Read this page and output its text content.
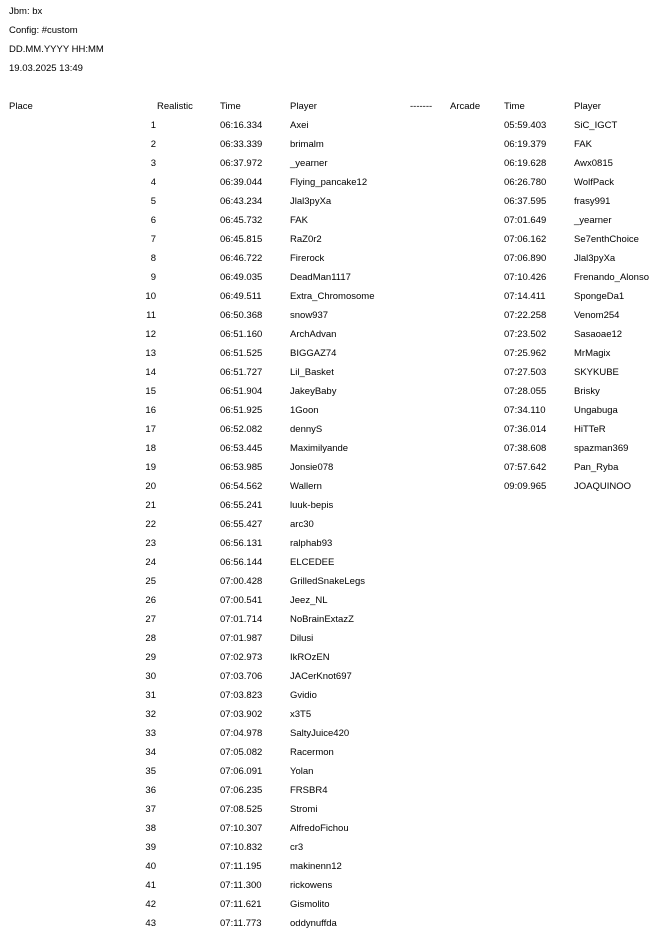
Jbm: bx
Config: #custom
DD.MM.YYYY HH:MM
19.03.2025 13:49
Place	Realistic	Time	Player	------- Arcade	Time	Player
1	06:16.334	Axei	05:59.403	SiC_IGCT
2	06:33.339	brimalm	06:19.379	FAK
3	06:37.972	_yearner	06:19.628	Awx0815
4	06:39.044	Flying_pancake12	06:26.780	WolfPack
5	06:43.234	Jlal3pyXa	06:37.595	frasy991
6	06:45.732	FAK	07:01.649	_yearner
7	06:45.815	RaZ0r2	07:06.162	Se7enthChoice
8	06:46.722	Firerock	07:06.890	Jlal3pyXa
9	06:49.035	DeadMan1117	07:10.426	Frenando_Alonso
10	06:49.511	Extra_Chromosome	07:14.411	SpongeDa1
11	06:50.368	snow937	07:22.258	Venom254
12	06:51.160	ArchAdvan	07:23.502	Sasaoae12
13	06:51.525	BIGGAZ74	07:25.962	MrMagix
14	06:51.727	Lil_Basket	07:27.503	SKYKUBE
15	06:51.904	JakeyBaby	07:28.055	Brisky
16	06:51.925	1Goon	07:34.110	Ungabuga
17	06:52.082	dennyS	07:36.014	HiTTeR
18	06:53.445	Maximilyande	07:38.608	spazman369
19	06:53.985	Jonsie078	07:57.642	Pan_Ryba
20	06:54.562	Wallern	09:09.965	JOAQUINOO
21	06:55.241	luuk-bepis
22	06:55.427	arc30
23	06:56.131	ralphab93
24	06:56.144	ELCEDEE
25	07:00.428	GrilledSnakeLegs
26	07:00.541	Jeez_NL
27	07:01.714	NoBrainExtazZ
28	07:01.987	Dilusi
29	07:02.973	IkROzEN
30	07:03.706	JACerKnot697
31	07:03.823	Gvidio
32	07:03.902	x3T5
33	07:04.978	SaltyJuice420
34	07:05.082	Racermon
35	07:06.091	Yolan
36	07:06.235	FRSBR4
37	07:08.525	Stromi
38	07:10.307	AlfredoFichou
39	07:10.832	cr3
40	07:11.195	makinenn12
41	07:11.300	rickowens
42	07:11.621	Gismolito
43	07:11.773	oddynuffda
